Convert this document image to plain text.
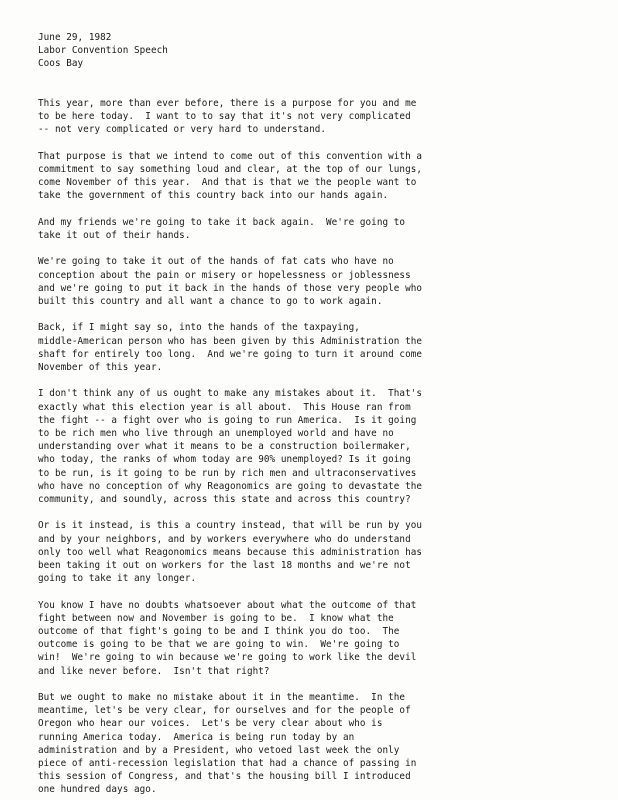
June 29, 1982
Labor Convention Speech
Coos Bay
This year, more than ever before, there is a purpose for you and me
to be here today.  I want to to say that it's not very complicated
-- not very complicated or very hard to understand.
That purpose is that we intend to come out of this convention with a
commitment to say something loud and clear, at the top of our lungs,
come November of this year.  And that is that we the people want to
take the government of this country back into our hands again.
And my friends we're going to take it back again.  We're going to
take it out of their hands.
We're going to take it out of the hands of fat cats who have no
conception about the pain or misery or hopelessness or joblessness
and we're going to put it back in the hands of those very people who
built this country and all want a chance to go to work again.
Back, if I might say so, into the hands of the taxpaying,
middle-American person who has been given by this Administration the
shaft for entirely too long.  And we're going to turn it around come
November of this year.
I don't think any of us ought to make any mistakes about it.  That's
exactly what this election year is all about.  This House ran from
the fight -- a fight over who is going to run America.  Is it going
to be rich men who live through an unemployed world and have no
understanding over what it means to be a construction boilermaker,
who today, the ranks of whom today are 90% unemployed? Is it going
to be run, is it going to be run by rich men and ultraconservatives
who have no conception of why Reagonomics are going to devastate the
community, and soundly, across this state and across this country?
Or is it instead, is this a country instead, that will be run by you
and by your neighbors, and by workers everywhere who do understand
only too well what Reagonomics means because this administration has
been taking it out on workers for the last 18 months and we're not
going to take it any longer.
You know I have no doubts whatsoever about what the outcome of that
fight between now and November is going to be.  I know what the
outcome of that fight's going to be and I think you do too.  The
outcome is going to be that we are going to win.  We're going to
win!  We're going to win because we're going to work like the devil
and like never before.  Isn't that right?
But we ought to make no mistake about it in the meantime.  In the
meantime, let's be very clear, for ourselves and for the people of
Oregon who hear our voices.  Let's be very clear about who is
running America today.  America is being run today by an
administration and by a President, who vetoed last week the only
piece of anti-recession legislation that had a chance of passing in
this session of Congress, and that's the housing bill I introduced
one hundred days ago.
